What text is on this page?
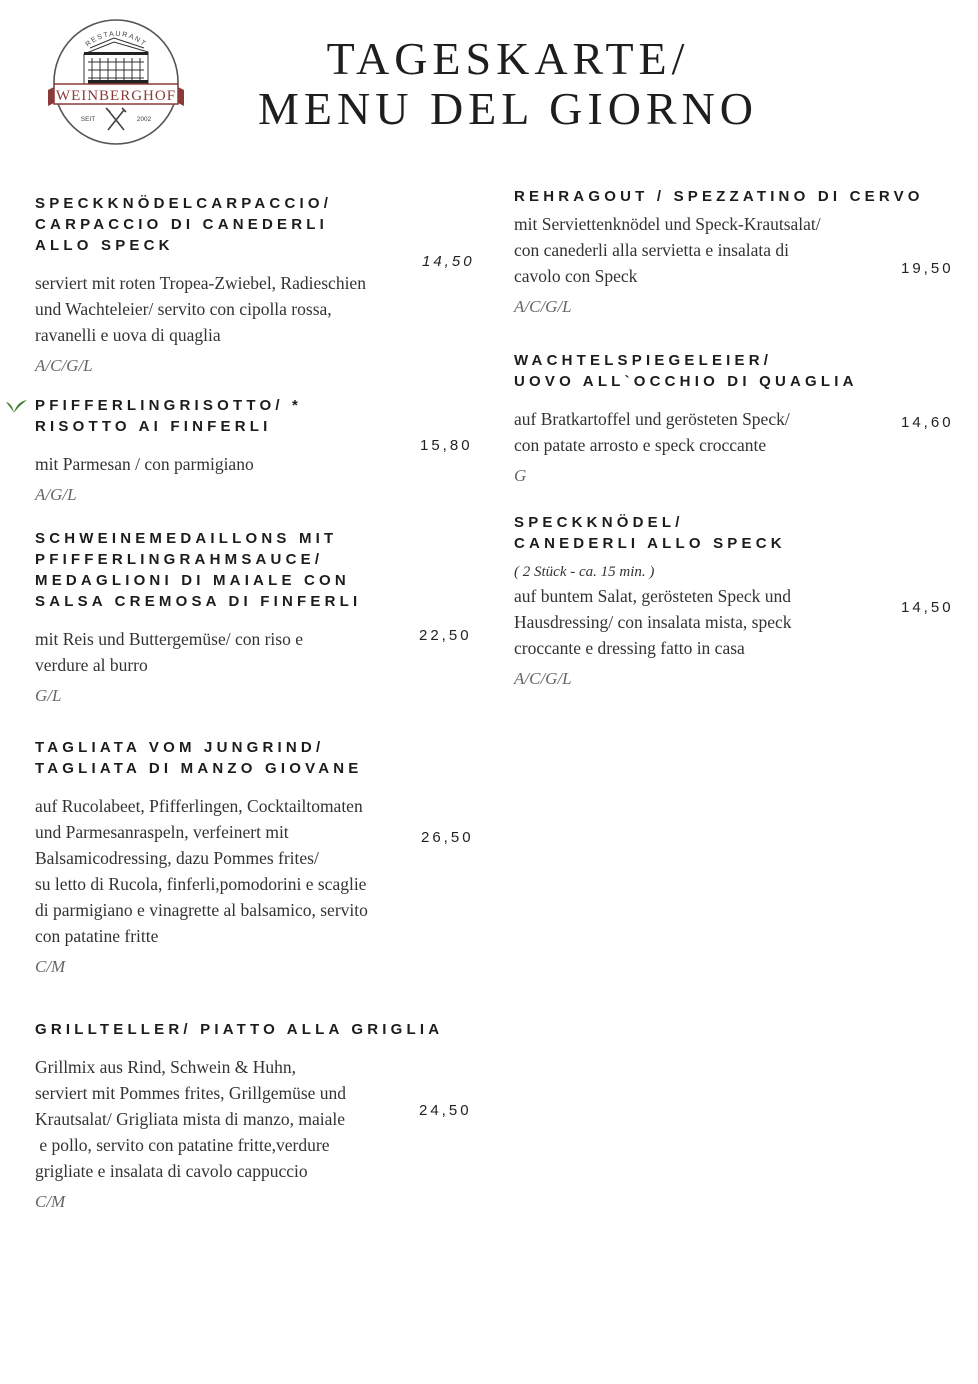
RESTAURANT
WEINBERGHOF
SEIT	2002
TAGESKARTE/
MENU DEL GIORNO
SPECKKNÖDELCARPACCIO/
CARPACCIO DI CANEDERLI
ALLO SPECK
serviert mit roten Tropea-Zwiebel, Radieschien
und Wachteleier/ servito con cipolla rossa,
ravanelli e uova di quaglia
A/C/G/L
14,50
PFIFFERLINGRISOTTO/ *
RISOTTO AI FINFERLI
mit Parmesan / con parmigiano
A/G/L
15,80
SCHWEINEMEDAILLONS MIT
PFIFFERLINGRAHMSAUCE/
MEDAGLIONI DI MAIALE CON
SALSA CREMOSA DI FINFERLI
mit Reis und Buttergemüse/ con riso e
verdure al burro
G/L
22,50
TAGLIATA VOM JUNGRIND/
TAGLIATA DI MANZO GIOVANE
auf Rucolabeet, Pfifferlingen, Cocktailtomaten
und Parmesanraspeln, verfeinert mit
Balsamicodressing, dazu Pommes frites/
su letto di Rucola, finferli,pomodorini e scaglie
di parmigiano e vinagrette al balsamico, servito
con patatine fritte
C/M
26,50
GRILLTELLER/ PIATTO ALLA GRIGLIA
Grillmix aus Rind, Schwein & Huhn,
serviert mit Pommes frites, Grillgemüse und
Krautsalat/ Grigliata mista di manzo, maiale
e pollo, servito con patatine fritte,verdure
grigliate e insalata di cavolo cappuccio
C/M
24,50
REHRAGOUT / SPEZZATINO DI CERVO
mit Serviettenknödel und Speck-Krautsalat/
con canederli alla servietta e insalata di
cavolo con Speck
A/C/G/L
19,50
WACHTELSPIEGELEIER/
UOVO ALL`OCCHIO DI QUAGLIA
auf Bratkartoffel und gerösteten Speck/
con patate arrosto e speck croccante
G
14,60
SPECKKNÖDEL/
CANEDERLI ALLO SPECK
( 2 Stück - ca. 15 min. )
auf buntem Salat, gerösteten Speck und
Hausdressing/ con insalata mista, speck
croccante e dressing fatto in casa
A/C/G/L
14,50
